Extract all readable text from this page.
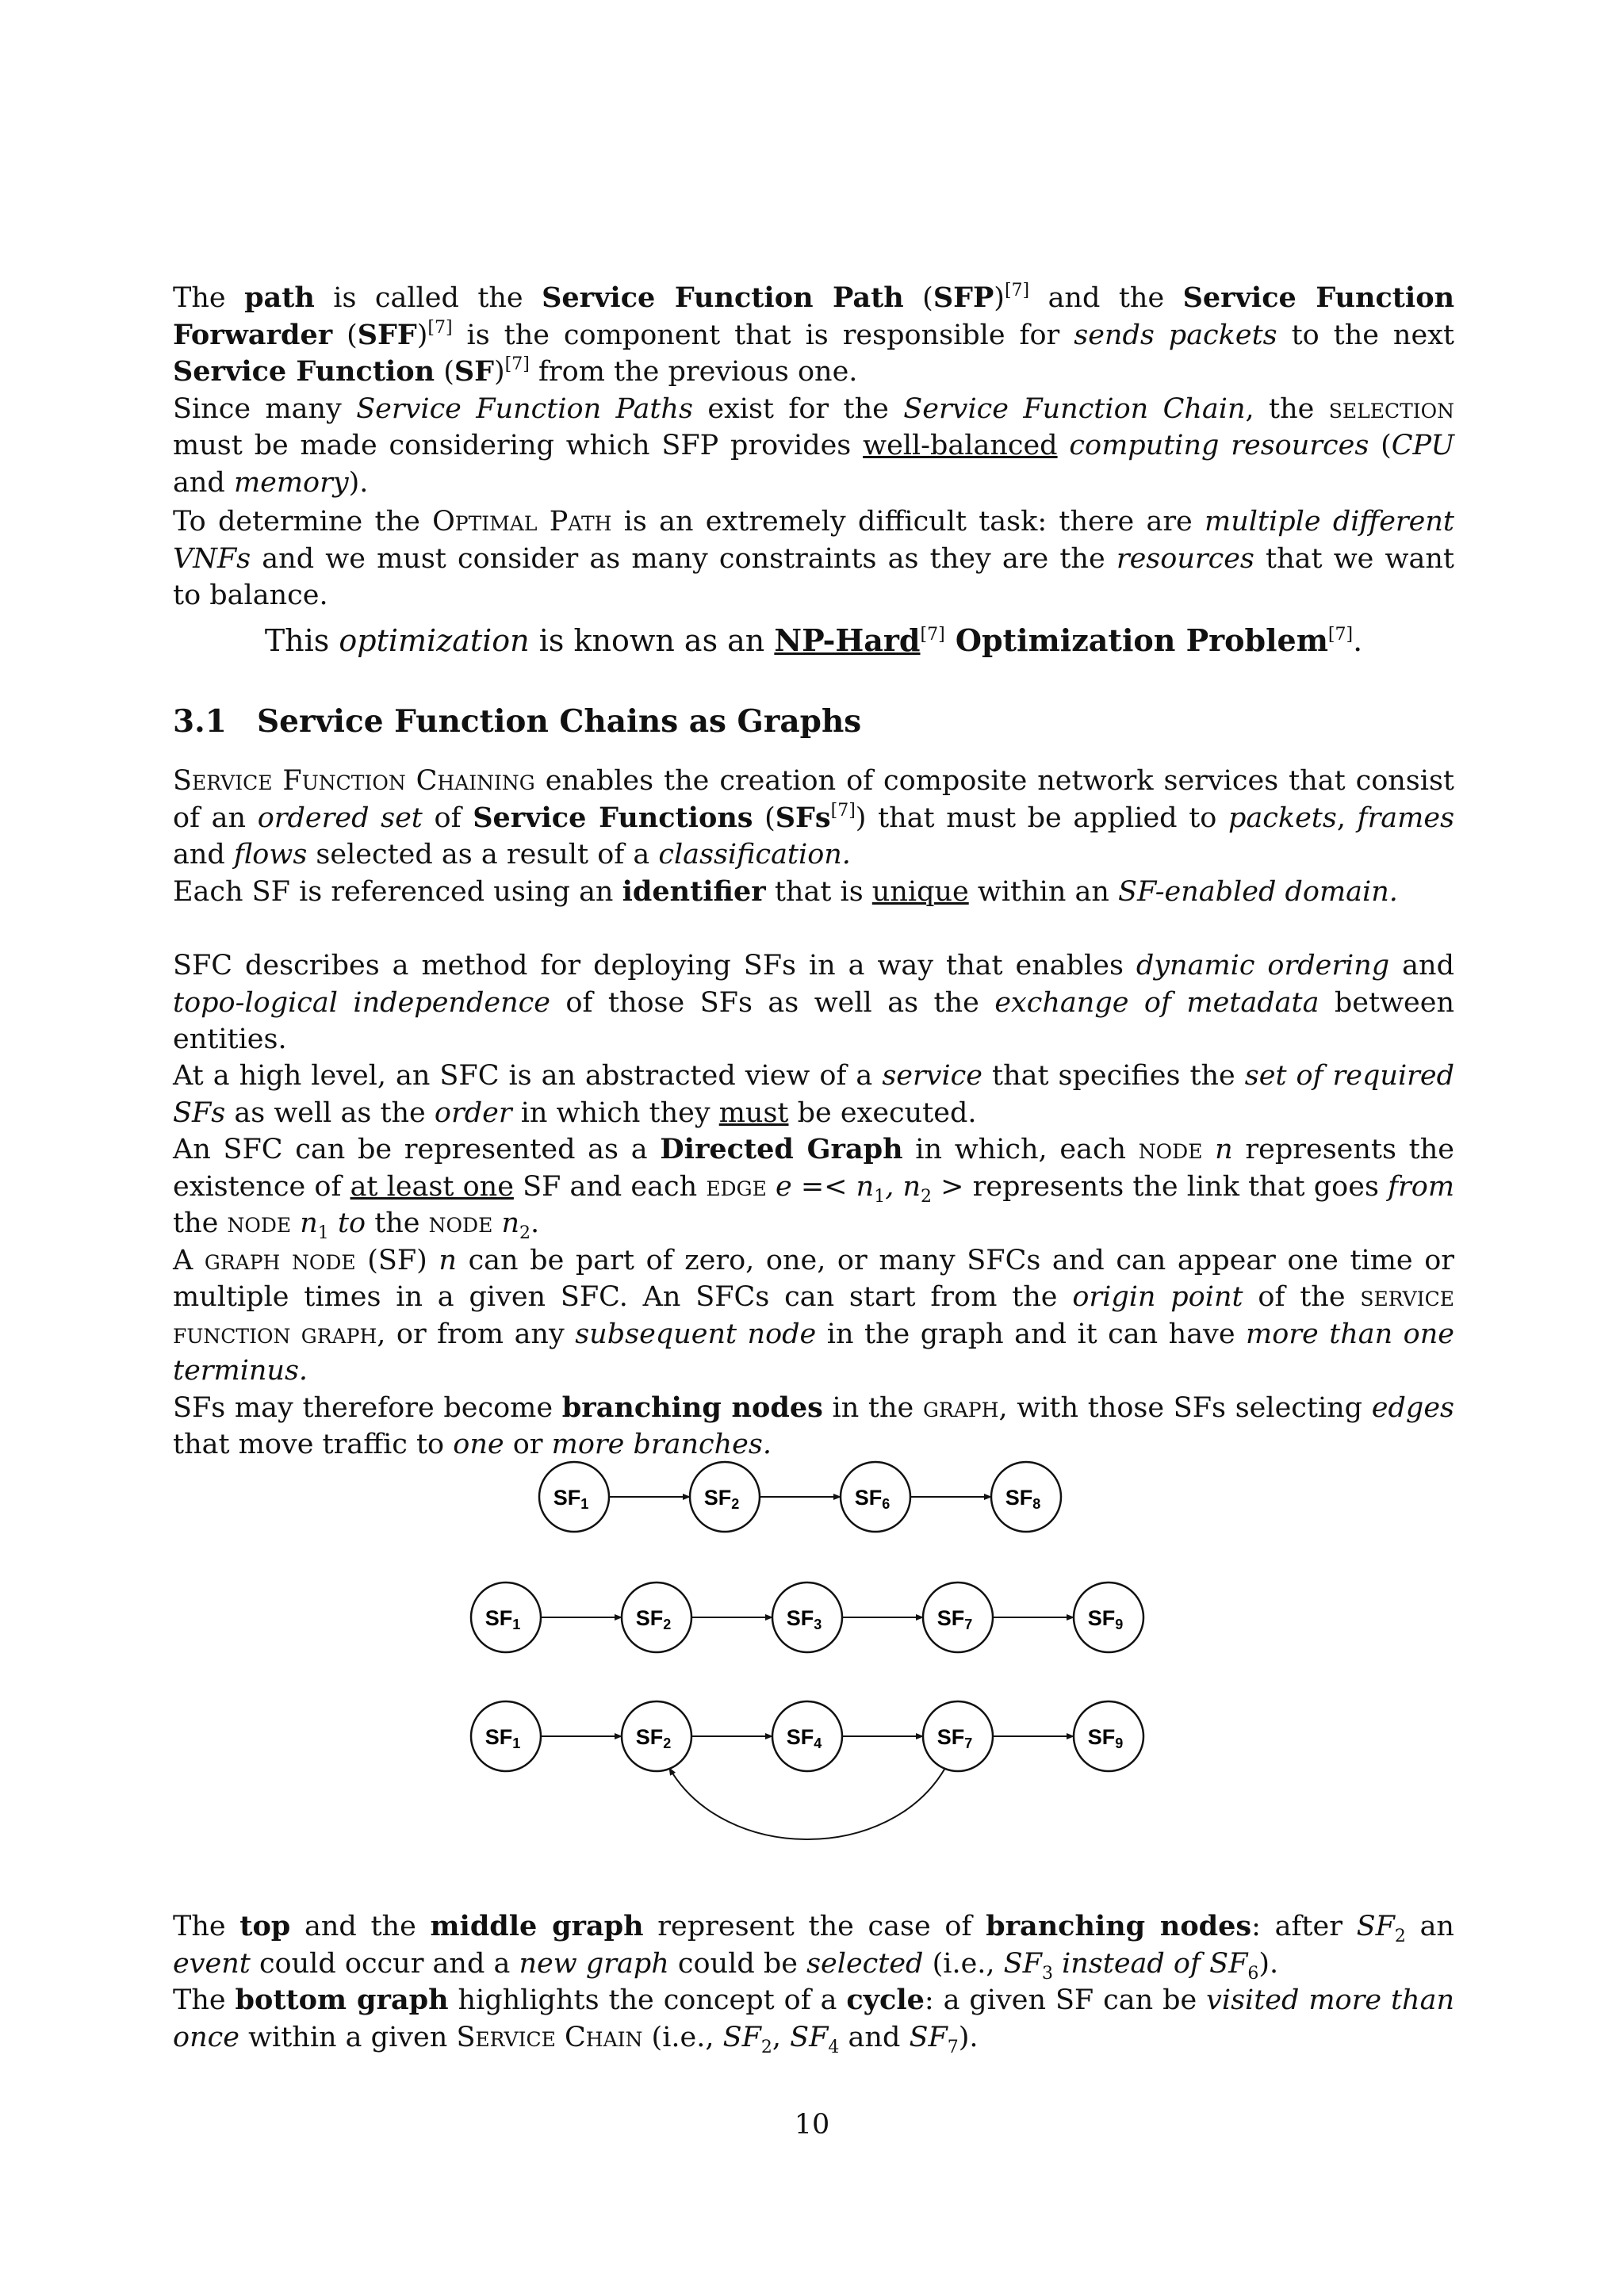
The path is called the Service Function Path (SFP)[7] and the Service Function Forwarder (SFF)[7] is the component that is responsible for sends packets to the next Service Function (SF)[7] from the previous one.

Since many Service Function Paths exist for the Service Function Chain, the selection must be made considering which SFP provides well-balanced computing resources (CPU and memory).

To determine the Optimal Path is an extremely difficult task: there are multiple different VNFs and we must consider as many constraints as they are the resources that we want to balance.

This optimization is known as an NP-Hard[7] Optimization Problem[7].
3.1 Service Function Chains as Graphs

Service Function Chaining enables the creation of composite network services that consist of an ordered set of Service Functions (SFs[7]) that must be applied to packets, frames and flows selected as a result of a classification.

Each SF is referenced using an identifier that is unique within an SF-enabled domain.

SFC describes a method for deploying SFs in a way that enables dynamic ordering and topo-logical independence of those SFs as well as the exchange of metadata between entities.

At a high level, an SFC is an abstracted view of a service that specifies the set of required SFs as well as the order in which they must be executed.

An SFC can be represented as a Directed Graph in which, each node n represents the existence of at least one SF and each edge $e =< n_1$, $n_2$ > represents the link that goes from the node $n_1$ to the node $n_2$.

A graph node (SF) n can be part of zero, one, or many SFCs and can appear one time or multiple times in a given SFC. An SFCs can start from the origin point of the service function graph, or from any subsequent node in the graph and it can have more than one terminus.

SFs may therefore become branching nodes in the graph, with those SFs selecting edges that move traffic to one or more branches.

SF1	SF2	SF6	SF8
SF1	SF2	SF3	SF7	SF9
SF1	SF2	SF4	SF7	SF9

The top and the middle graph represent the case of branching nodes: after $SF_2$ an event could occur and a new graph could be selected (i.e., $SF_3$ instead of $SF_6$).

The bottom graph highlights the concept of a cycle: a given SF can be visited more than once within a given Service Chain (i.e., $SF_2$, $SF_4$ and $SF_7$).

10
